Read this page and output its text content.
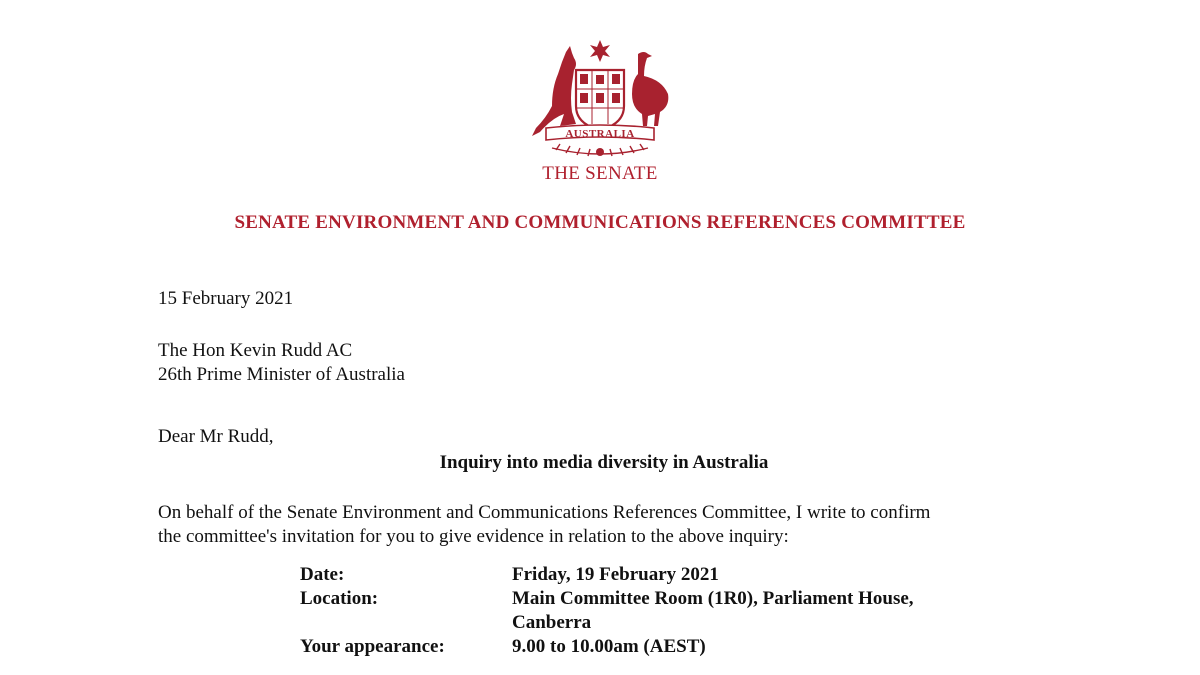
AUSTRALIA
THE SENATE
SENATE ENVIRONMENT AND COMMUNICATIONS REFERENCES COMMITTEE
15 February 2021
The Hon Kevin Rudd AC
26th Prime Minister of Australia
Dear Mr Rudd,
Inquiry into media diversity in Australia
On behalf of the Senate Environment and Communications References Committee, I write to confirm
the committee's invitation for you to give evidence in relation to the above inquiry:
Date:	Friday, 19 February 2021
Location:	Main Committee Room (1R0), Parliament House,
Canberra
Your appearance:	9.00 to 10.00am (AEST)
